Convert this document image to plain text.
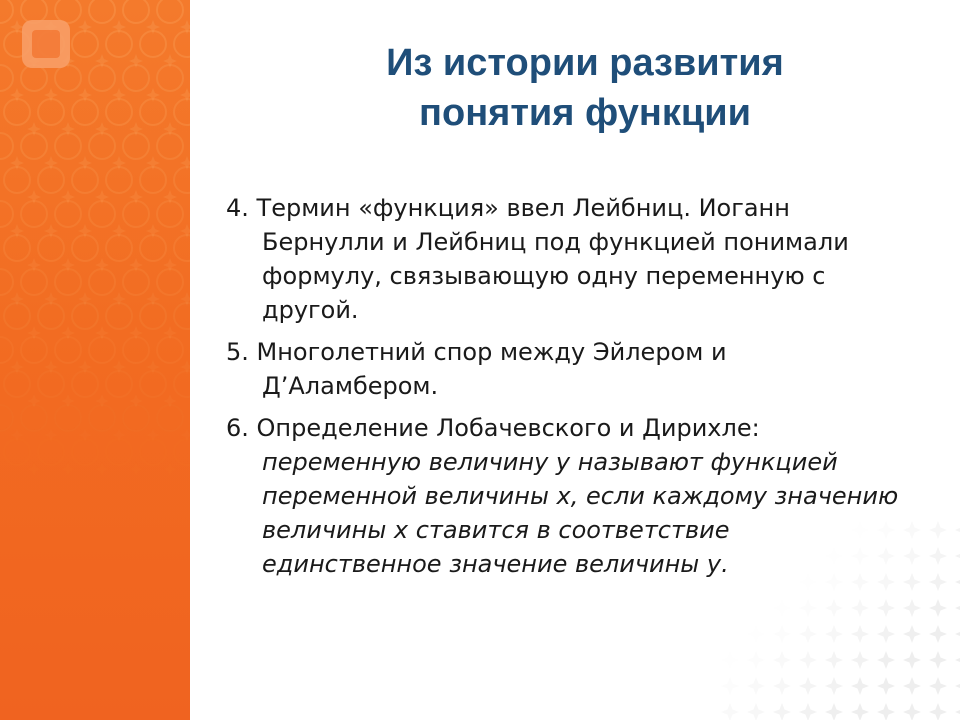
Из истории развития
понятия функции
4. Термин «функция» ввел Лейбниц. Иоганн Бернулли и Лейбниц под функцией понимали формулу, связывающую одну переменную с другой.
5. Многолетний спор между Эйлером и Д’Аламбером.
6. Определение Лобачевского и Дирихле: переменную величину у называют функцией переменной величины х, если каждому значению величины х ставится в соответствие единственное значение величины у.
